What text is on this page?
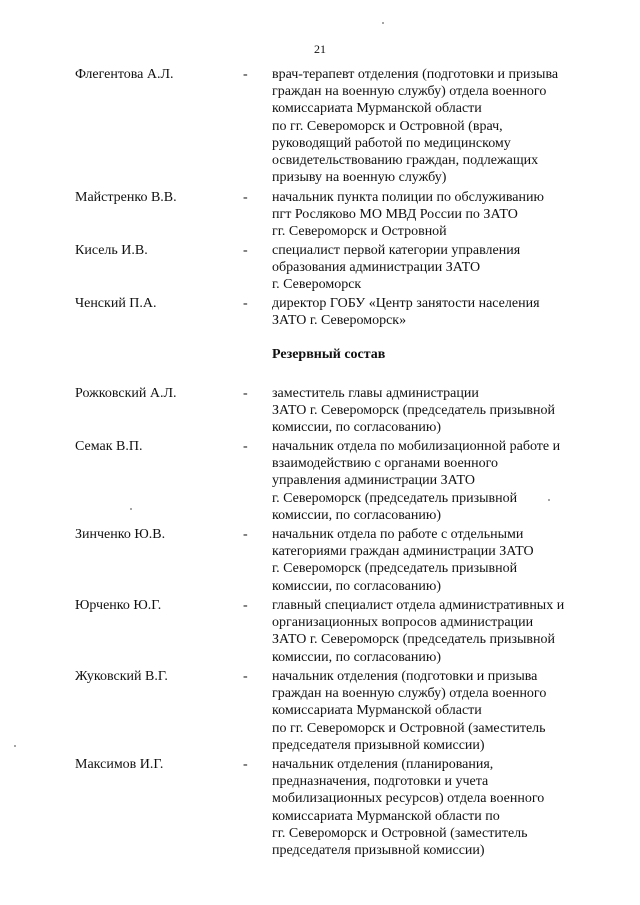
21
Флегентова А.Л.	- врач-терапевт отделения (подготовки и призыва
граждан на военную службу) отдела военного
комиссариата Мурманской области
по гг. Североморск и Островной (врач,
руководящий работой по медицинскому
освидетельствованию граждан, подлежащих
призыву на военную службу)
Майстренко В.В.	- начальник пункта полиции по обслуживанию
пгт Росляково МО МВД России по ЗАТО
гг. Североморск и Островной
Кисель И.В.	- специалист первой категории управления
образования администрации ЗАТО
г. Североморск
Ченский П.А.	- директор ГОБУ «Центр занятости населения
ЗАТО г. Североморск»
Резервный состав
Рожковский А.Л.	- заместитель главы администрации
ЗАТО г. Североморск (председатель призывной
комиссии, по согласованию)
Семак В.П.	- начальник отдела по мобилизационной работе и
взаимодействию с органами военного
управления администрации ЗАТО
г. Североморск (председатель призывной
комиссии, по согласованию)
Зинченко Ю.В.	- начальник отдела по работе с отдельными
категориями граждан администрации ЗАТО
г. Североморск (председатель призывной
комиссии, по согласованию)
Юрченко Ю.Г.	- главный специалист отдела административных и
организационных вопросов администрации
ЗАТО г. Североморск (председатель призывной
комиссии, по согласованию)
Жуковский В.Г.	- начальник отделения (подготовки и призыва
граждан на военную службу) отдела военного
комиссариата Мурманской области
по гг. Североморск и Островной (заместитель
председателя призывной комиссии)
Максимов И.Г.	- начальник отделения (планирования,
предназначения, подготовки и учета
мобилизационных ресурсов) отдела военного
комиссариата Мурманской области по
гг. Североморск и Островной (заместитель
председателя призывной комиссии)
